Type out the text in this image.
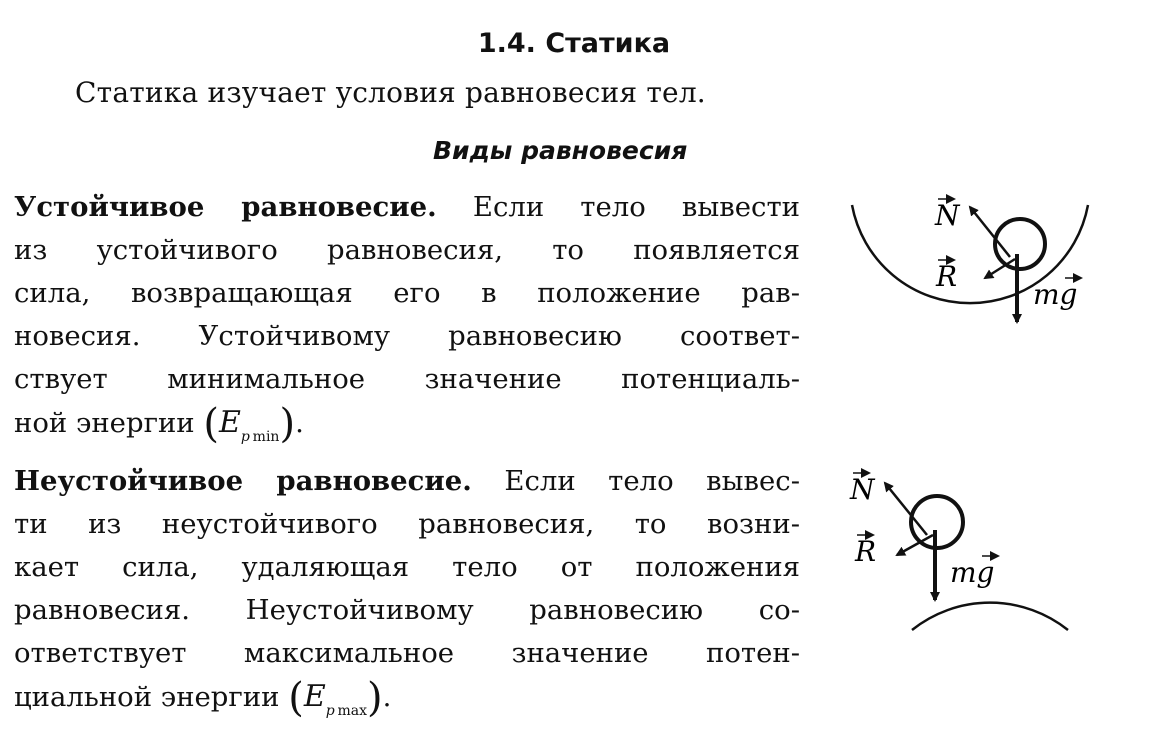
1.4. Статика
Статика изучает условия равновесия тел.
Виды равновесия
Устойчивое равновесие. Если тело вывести
из устойчивого равновесия, то появляется
сила, возвращающая его в положение рав-
новесия. Устойчивому равновесию соответ-
ствует минимальное значение потенциаль-
ной энергии $(E_{p min})$.
Неустойчивое равновесие. Если тело вывес-
ти из неустойчивого равновесия, то возни-
кает сила, удаляющая тело от положения
равновесия. Неустойчивому равновесию со-
ответствует максимальное значение потен-
циальной энергии $(E_{p max})$.
N
R
mg
N
R
mg
